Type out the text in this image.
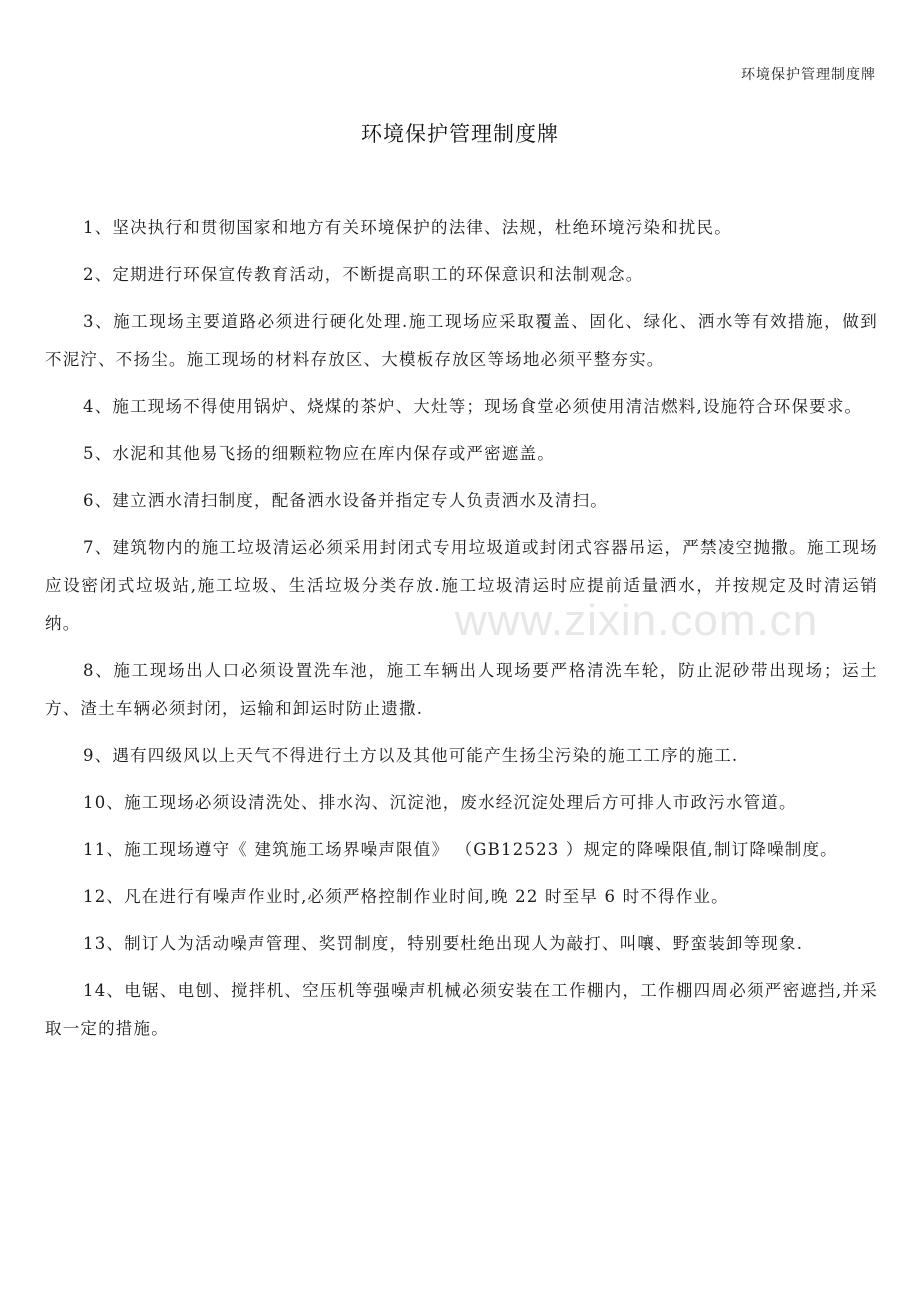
环境保护管理制度牌
环境保护管理制度牌

1、坚决执行和贯彻国家和地方有关环境保护的法律、法规，杜绝环境污染和扰民。

2、定期进行环保宣传教育活动，不断提高职工的环保意识和法制观念。

3、施工现场主要道路必须进行硬化处理.施工现场应采取覆盖、固化、绿化、洒水等有效措施，做到不泥泞、不扬尘。施工现场的材料存放区、大模板存放区等场地必须平整夯实。

4、施工现场不得使用锅炉、烧煤的茶炉、大灶等；现场食堂必须使用清洁燃料,设施符合环保要求。

5、水泥和其他易飞扬的细颗粒物应在库内保存或严密遮盖。

6、建立洒水清扫制度，配备洒水设备并指定专人负责洒水及清扫。

7、建筑物内的施工垃圾清运必须采用封闭式专用垃圾道或封闭式容器吊运，严禁凌空抛撒。施工现场应设密闭式垃圾站,施工垃圾、生活垃圾分类存放.施工垃圾清运时应提前适量洒水，并按规定及时清运销纳。

8、施工现场出人口必须设置洗车池，施工车辆出人现场要严格清洗车轮，防止泥砂带出现场；运土方、渣土车辆必须封闭，运输和卸运时防止遗撒.

9、遇有四级风以上天气不得进行土方以及其他可能产生扬尘污染的施工工序的施工.

10、施工现场必须设清洗处、排水沟、沉淀池，废水经沉淀处理后方可排人市政污水管道。

11、施工现场遵守《 建筑施工场界噪声限值》 （GB12523 ）规定的降噪限值,制订降噪制度。

12、凡在进行有噪声作业时,必须严格控制作业时间,晚 22 时至早 6 时不得作业。

13、制订人为活动噪声管理、奖罚制度，特别要杜绝出现人为敲打、叫嚷、野蛮装卸等现象.

14、电锯、电刨、搅拌机、空压机等强噪声机械必须安装在工作棚内，工作棚四周必须严密遮挡,并采取一定的措施。

www.zixin.com.cn
